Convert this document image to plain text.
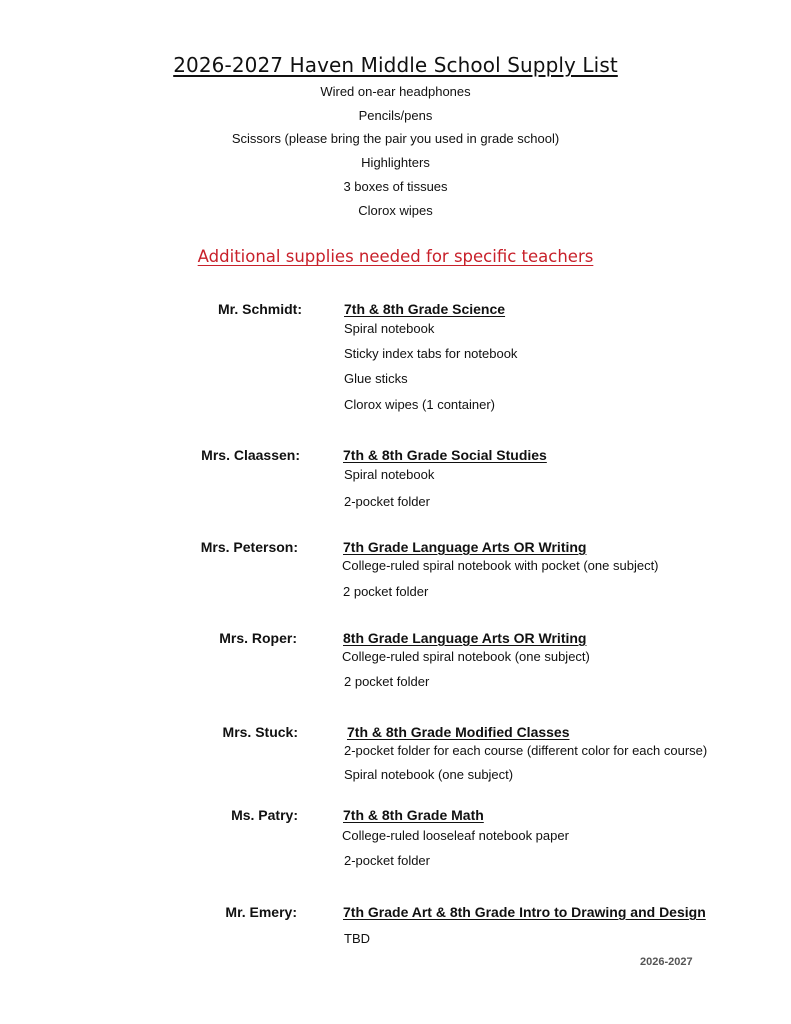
2026-2027 Haven Middle School Supply List
Wired on-ear headphones
Pencils/pens
Scissors (please bring the pair you used in grade school)
Highlighters
3 boxes of tissues
Clorox wipes
Additional supplies needed for specific teachers
Mr. Schmidt:	7th & 8th Grade Science
Spiral notebook
Sticky index tabs for notebook
Glue sticks
Clorox wipes (1 container)
Mrs. Claassen:	7th & 8th Grade Social Studies
Spiral notebook
2-pocket folder
Mrs. Peterson:	7th Grade Language Arts OR Writing
College-ruled spiral notebook with pocket (one subject)
2 pocket folder
Mrs. Roper:	8th Grade Language Arts OR Writing
College-ruled spiral notebook (one subject)
2 pocket folder
Mrs. Stuck:	7th & 8th Grade Modified Classes
2-pocket folder for each course (different color for each course)
Spiral notebook (one subject)
Ms. Patry:	7th & 8th Grade Math
College-ruled looseleaf notebook paper
2-pocket folder
Mr. Emery:	7th Grade Art & 8th Grade Intro to Drawing and Design
TBD
2026-2027
